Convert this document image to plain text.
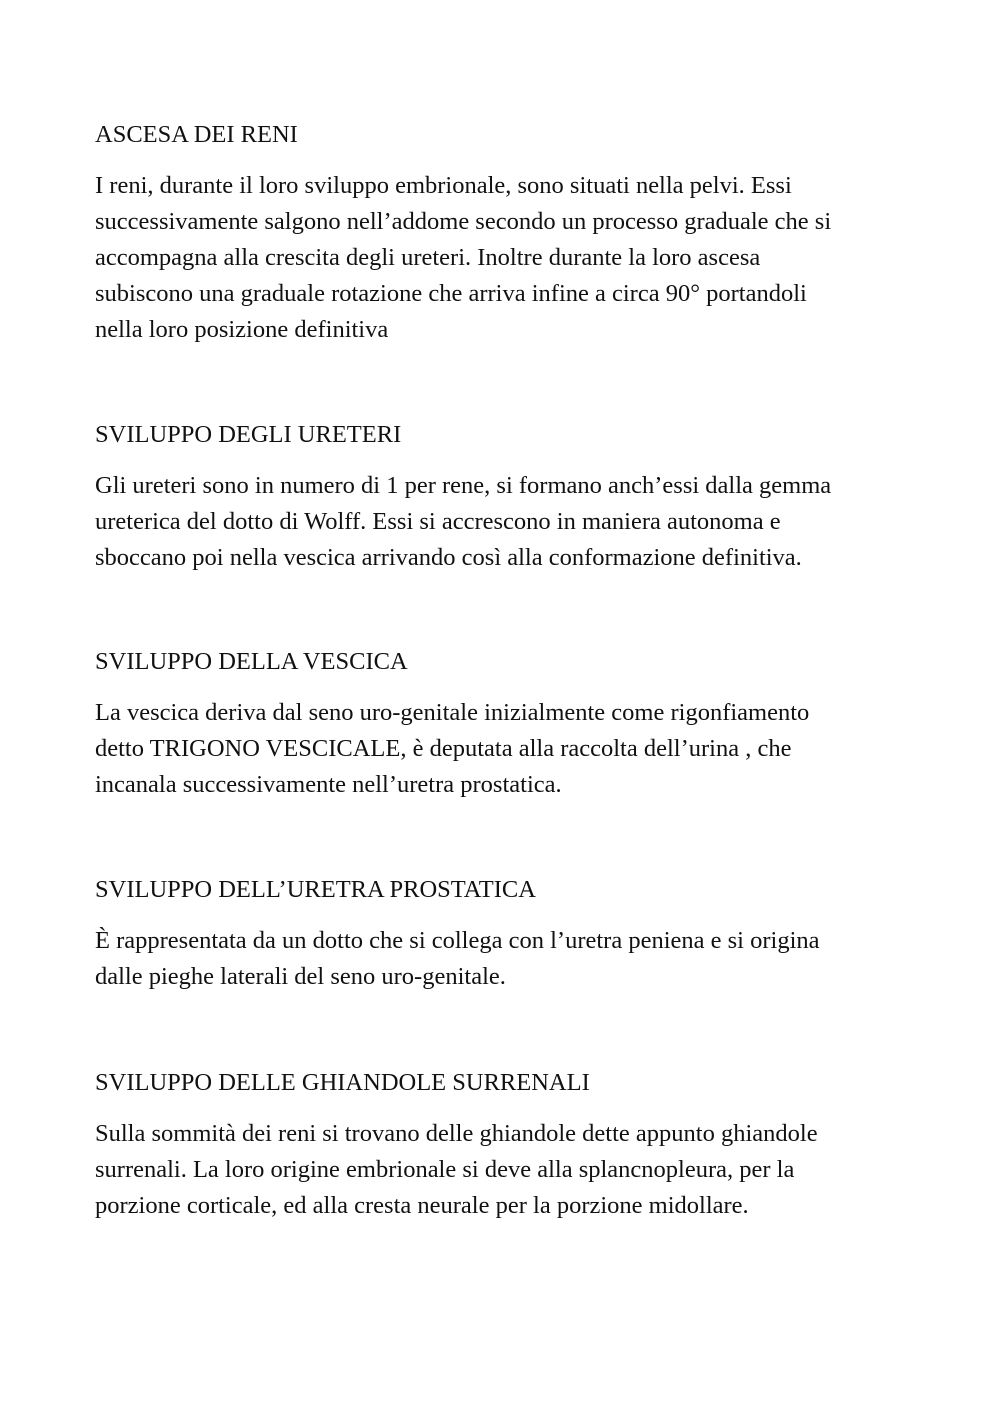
ASCESA DEI RENI

I reni, durante il loro sviluppo embrionale, sono situati nella pelvi. Essi
successivamente salgono nell’addome secondo un processo graduale che si
accompagna alla crescita degli ureteri. Inoltre durante la loro ascesa
subiscono una graduale rotazione che arriva infine a circa 90° portandoli
nella loro posizione definitiva

SVILUPPO DEGLI URETERI

Gli ureteri sono in numero di 1 per rene, si formano anch’essi dalla gemma
ureterica del dotto di Wolff. Essi si accrescono in maniera autonoma e
sboccano poi nella vescica arrivando così alla conformazione definitiva.

SVILUPPO DELLA VESCICA

La vescica deriva dal seno uro-genitale inizialmente come rigonfiamento
detto TRIGONO VESCICALE, è deputata alla raccolta dell’urina , che
incanala successivamente nell’uretra prostatica.

SVILUPPO DELL’URETRA PROSTATICA

È rappresentata da un dotto che si collega con l’uretra peniena e si origina
dalle pieghe laterali del seno uro-genitale.

SVILUPPO DELLE GHIANDOLE SURRENALI

Sulla sommità dei reni si trovano delle ghiandole dette appunto ghiandole
surrenali. La loro origine embrionale si deve alla splancnopleura, per la
porzione corticale, ed alla cresta neurale per la porzione midollare.
